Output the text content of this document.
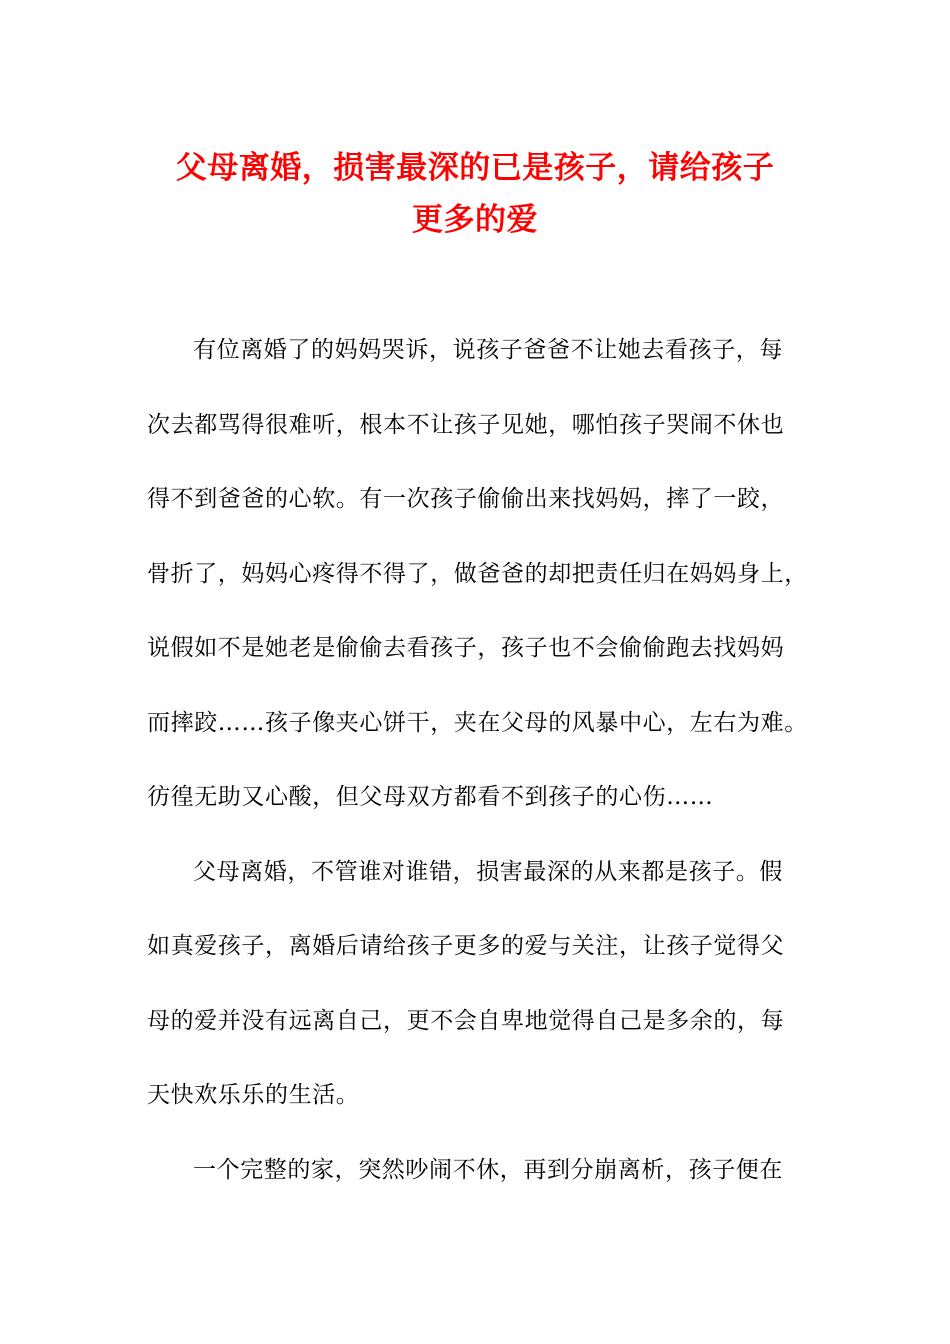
父母离婚，损害最深的已是孩子，请给孩子
更多的爱
有位离婚了的妈妈哭诉，说孩子爸爸不让她去看孩子，每
次去都骂得很难听，根本不让孩子见她，哪怕孩子哭闹不休也
得不到爸爸的心软。有一次孩子偷偷出来找妈妈，摔了一跤，
骨折了，妈妈心疼得不得了，做爸爸的却把责任归在妈妈身上，
说假如不是她老是偷偷去看孩子，孩子也不会偷偷跑去找妈妈
而摔跤……孩子像夹心饼干，夹在父母的风暴中心，左右为难。
彷徨无助又心酸，但父母双方都看不到孩子的心伤……
父母离婚，不管谁对谁错，损害最深的从来都是孩子。假
如真爱孩子，离婚后请给孩子更多的爱与关注，让孩子觉得父
母的爱并没有远离自己，更不会自卑地觉得自己是多余的，每
天快欢乐乐的生活。
一个完整的家，突然吵闹不休，再到分崩离析，孩子便在
